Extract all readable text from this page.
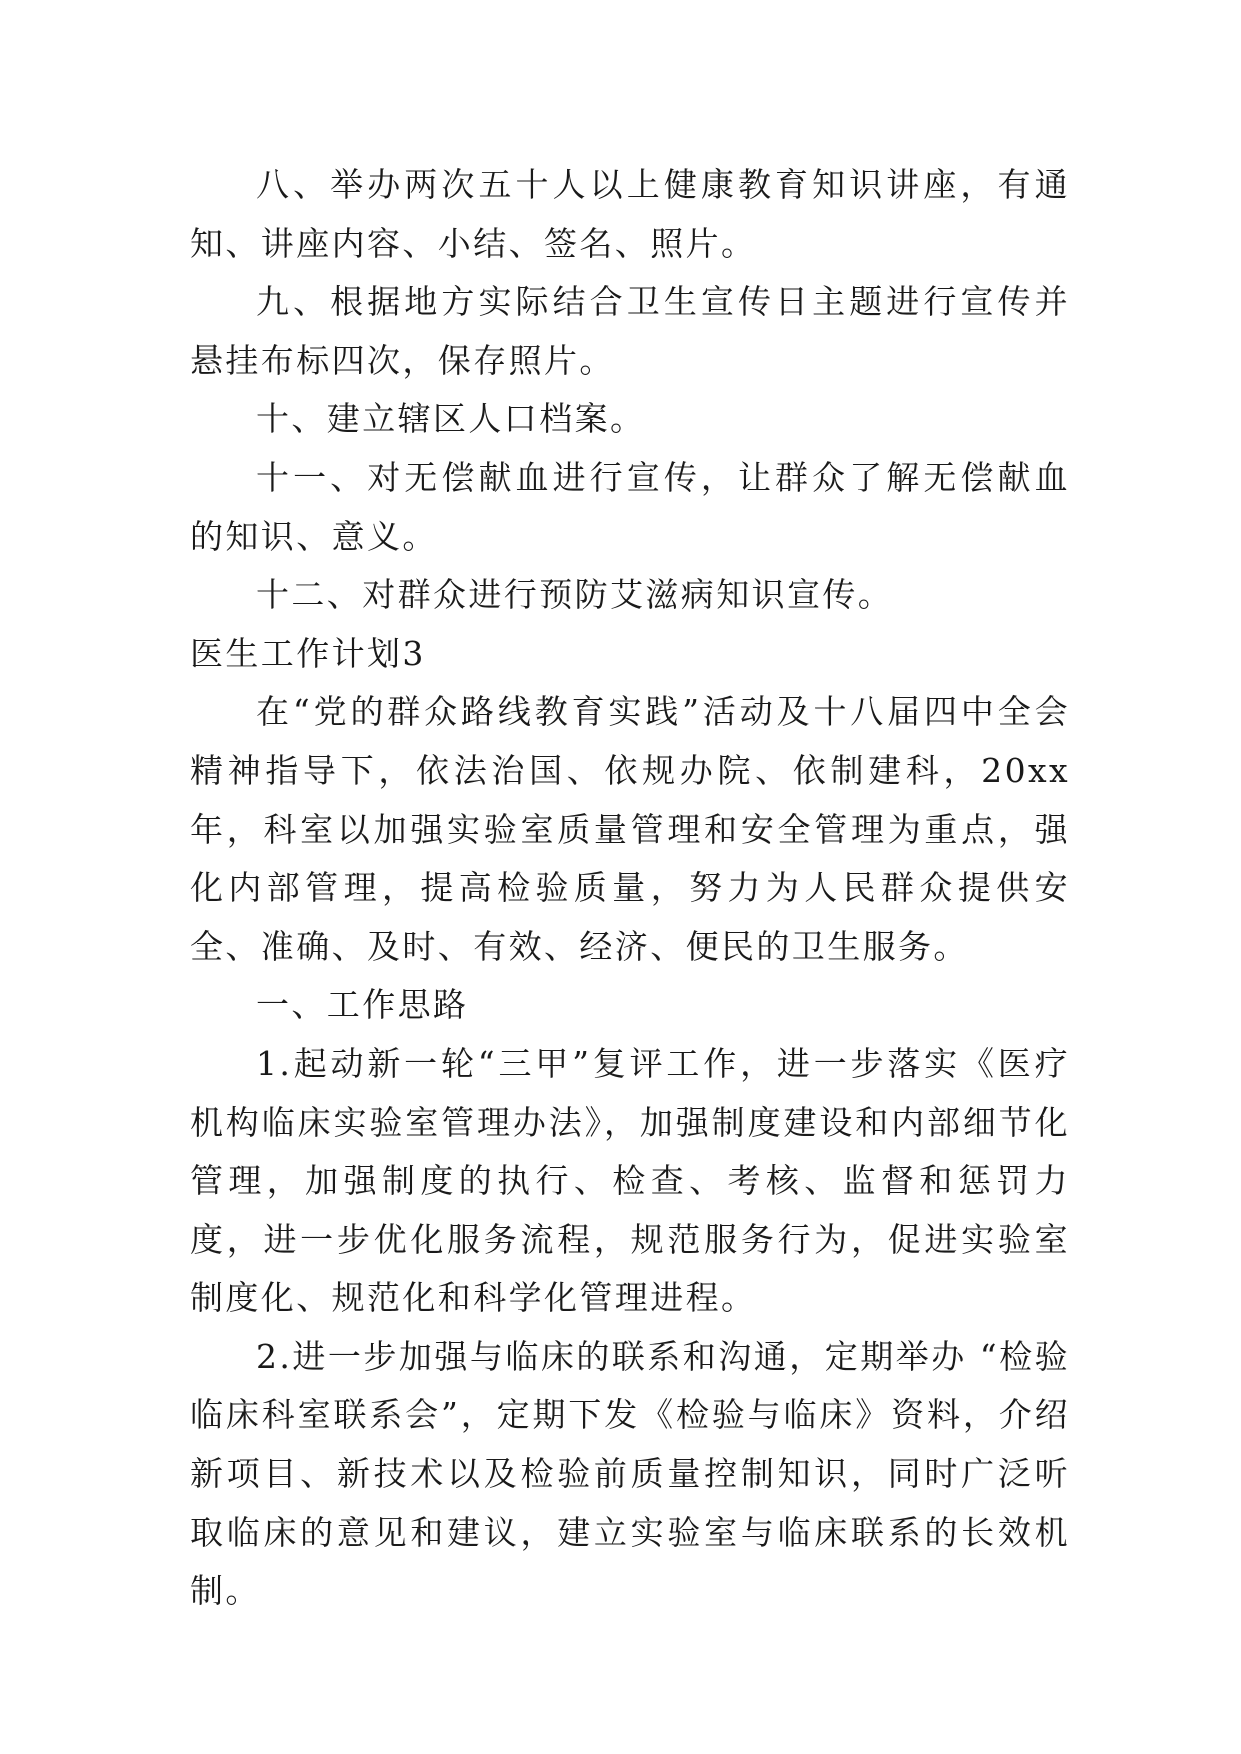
八、举办两次五十人以上健康教育知识讲座，有通知、讲座内容、小结、签名、照片。

九、根据地方实际结合卫生宣传日主题进行宣传并悬挂布标四次，保存照片。

十、建立辖区人口档案。

十一、对无偿献血进行宣传，让群众了解无偿献血的知识、意义。

十二、对群众进行预防艾滋病知识宣传。

医生工作计划3

在“党的群众路线教育实践”活动及十八届四中全会精神指导下，依法治国、依规办院、依制建科，20xx年，科室以加强实验室质量管理和安全管理为重点，强化内部管理，提高检验质量，努力为人民群众提供安全、准确、及时、有效、经济、便民的卫生服务。

一、工作思路

1.起动新一轮“三甲”复评工作，进一步落实《医疗机构临床实验室管理办法》，加强制度建设和内部细节化管理，加强制度的执行、检查、考核、监督和惩罚力度，进一步优化服务流程，规范服务行为，促进实验室制度化、规范化和科学化管理进程。

2.进一步加强与临床的联系和沟通，定期举办 “检验临床科室联系会”，定期下发《检验与临床》资料，介绍新项目、新技术以及检验前质量控制知识，同时广泛听取临床的意见和建议，建立实验室与临床联系的长效机制。
